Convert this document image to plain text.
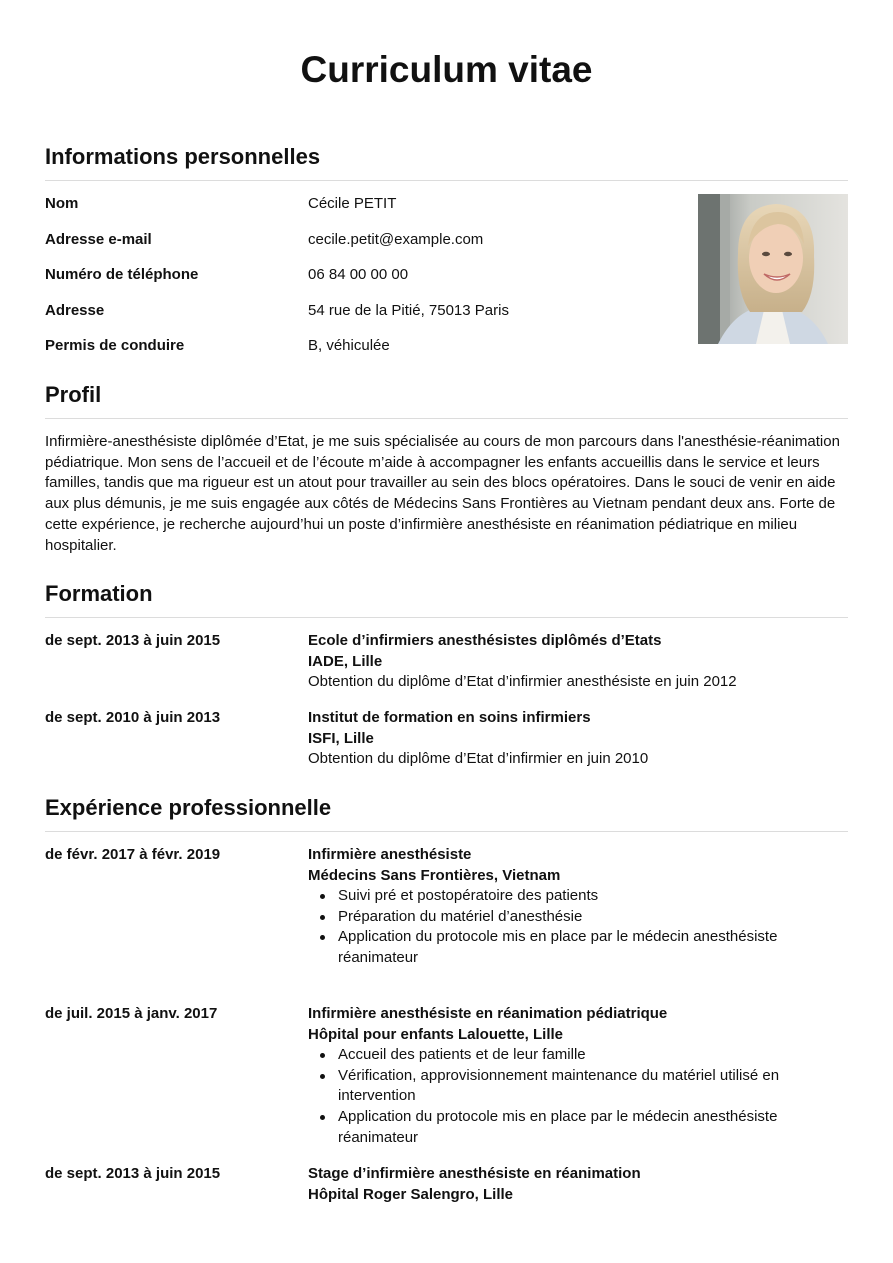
Curriculum vitae
Informations personnelles
Nom	Cécile PETIT
Adresse e-mail	cecile.petit@example.com
Numéro de téléphone	06 84 00 00 00
Adresse	54 rue de la Pitié, 75013 Paris
Permis de conduire	B, véhiculée
Profil

Infirmière-anesthésiste diplômée d’Etat, je me suis spécialisée au cours de mon parcours dans l'anesthésie-réanimation pédiatrique. Mon sens de l’accueil et de l’écoute m’aide à accompagner les enfants accueillis dans le service et leurs familles, tandis que ma rigueur est un atout pour travailler au sein des blocs opératoires. Dans le souci de venir en aide aux plus démunis, je me suis engagée aux côtés de Médecins Sans Frontières au Vietnam pendant deux ans. Forte de cette expérience, je recherche aujourd’hui un poste d’infirmière anesthésiste en réanimation pédiatrique en milieu hospitalier.

Formation
de sept. 2013 à juin 2015	Ecole d’infirmiers anesthésistes diplômés d’Etats
IADE, Lille
Obtention du diplôme d’Etat d’infirmier anesthésiste en juin 2012
de sept. 2010 à juin 2013	Institut de formation en soins infirmiers
ISFI, Lille
Obtention du diplôme d’Etat d’infirmier en juin 2010
Expérience professionnelle
de févr. 2017 à févr. 2019	Infirmière anesthésiste
Médecins Sans Frontières, Vietnam
Suivi pré et postopératoire des patients
Préparation du matériel d’anesthésie
Application du protocole mis en place par le médecin anesthésiste réanimateur
de juil. 2015 à janv. 2017	Infirmière anesthésiste en réanimation pédiatrique
Hôpital pour enfants Lalouette, Lille
Accueil des patients et de leur famille
Vérification, approvisionnement maintenance du matériel utilisé en intervention
Application du protocole mis en place par le médecin anesthésiste réanimateur
de sept. 2013 à juin 2015	Stage d’infirmière anesthésiste en réanimation
Hôpital Roger Salengro, Lille
